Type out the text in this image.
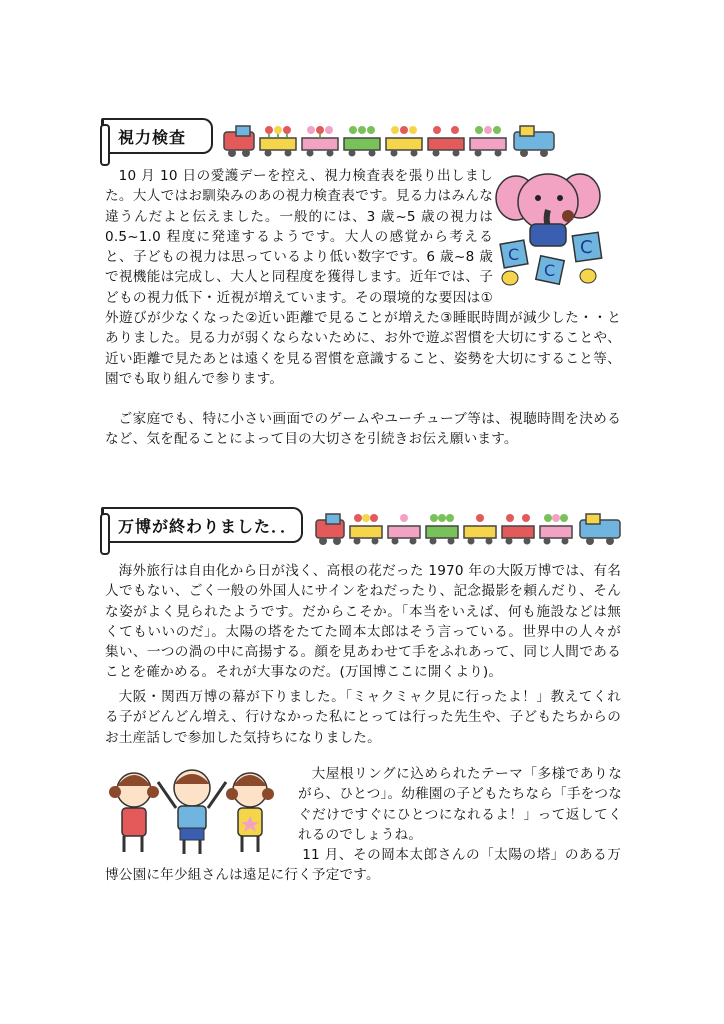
視力検査
C
C
C

10 月 10 日の愛護デーを控え、視力検査表を張り出しました。大人ではお馴染みのあの視力検査表です。見る力はみんな違うんだよと伝えました。一般的には、3 歳~5 歳の視力は 0.5~1.0 程度に発達するようです。大人の感覚から考えると、子どもの視力は思っているより低い数字です。6 歳~8 歳で視機能は完成し、大人と同程度を獲得します。近年では、子どもの視力低下・近視が増えています。その環境的な要因は①外遊びが少なくなった②近い距離で見ることが増えた③睡眠時間が減少した・・とありました。見る力が弱くならないために、お外で遊ぶ習慣を大切にすることや、近い距離で見たあとは遠くを見る習慣を意識すること、姿勢を大切にすること等、園でも取り組んで参ります。

ご家庭でも、特に小さい画面でのゲームやユーチューブ等は、視聴時間を決めるなど、気を配ることによって目の大切さを引続きお伝え願います。

万博が終わりました．．

海外旅行は自由化から日が浅く、高根の花だった 1970 年の大阪万博では、有名人でもない、ごく一般の外国人にサインをねだったり、記念撮影を頼んだり、そんな姿がよく見られたようです。だからこそか。「本当をいえば、何も施設などは無くてもいいのだ」。太陽の塔をたてた岡本太郎はそう言っている。世界中の人々が集い、一つの渦の中に高揚する。顔を見あわせて手をふれあって、同じ人間であることを確かめる。それが大事なのだ。(万国博ここに開くより)。

大阪・関西万博の幕が下りました。「ミャクミャク見に行ったよ！」教えてくれる子がどんどん増え、行けなかった私にとっては行った先生や、子どもたちからのお土産話しで参加した気持ちになりました。

大屋根リングに込められたテーマ「多様でありながら、ひとつ」。幼稚園の子どもたちなら「手をつなぐだけですぐにひとつになれるよ！」って返してくれるのでしょうね。

11 月、その岡本太郎さんの「太陽の塔」のある万博公園に年少組さんは遠足に行く予定です。
